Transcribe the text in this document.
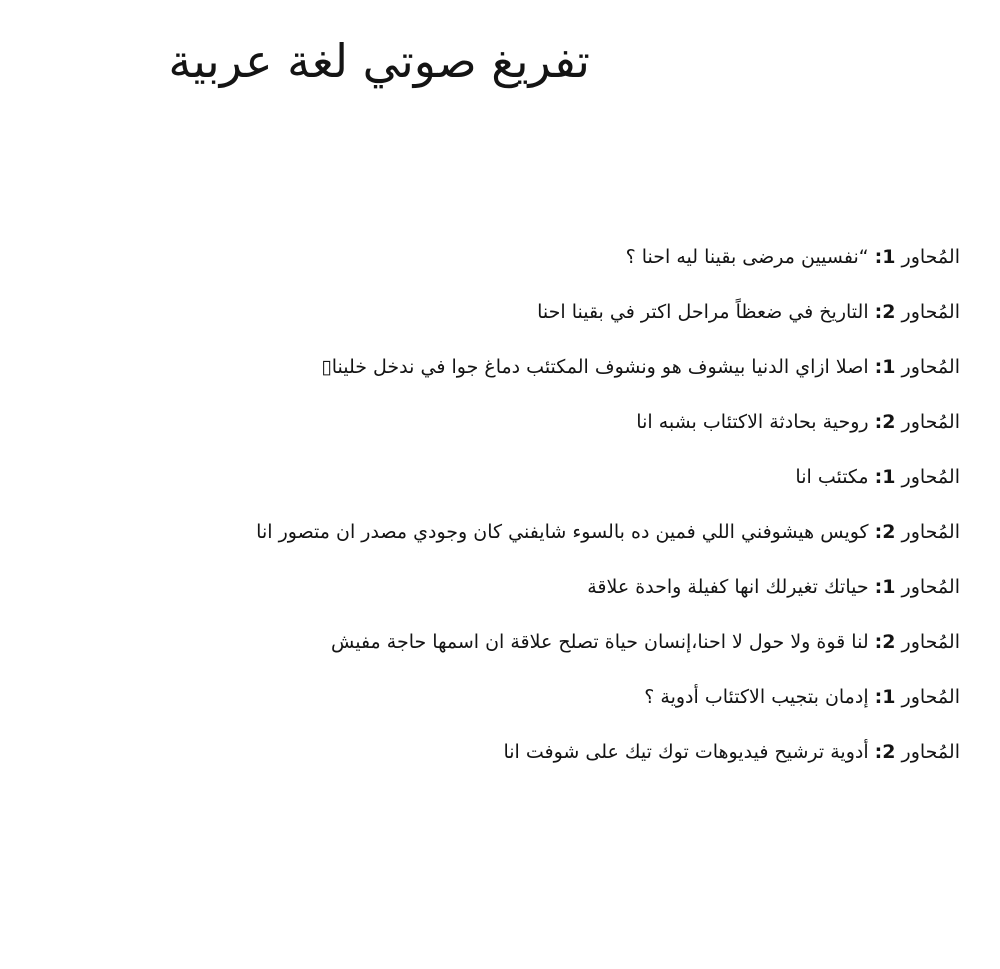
تفريغ صوتي لغة عربية
؟ احنا ليه بقينا مرضى نفسيين“ :1 المُحاور
احنا بقينا في اكتر مراحل ضعظاً في التاريخ :2 المُحاور
▯خلينا ندخل في جوا دماغ المكتئب ونشوف هو بيشوف الدنيا ازاي اصلا :1 المُحاور
انا بشبه الاكتئاب بحادثة روحية :2 المُحاور
انا مكتئب :1 المُحاور
انا متصور ان مصدر وجودي كان شايفني بالسوء ده فمين اللي هيشوفني كويس :2 المُحاور
علاقة واحدة كفيلة انها تغيرلك حياتك :1 المُحاور
مفيش حاجة اسمها ان علاقة تصلح حياة إنسان،احنا لا حول ولا قوة لنا :2 المُحاور
؟ أدوية الاكتئاب بتجيب إدمان :1 المُحاور
انا شوفت على تيك توك فيديوهات ترشيح أدوية :2 المُحاور
